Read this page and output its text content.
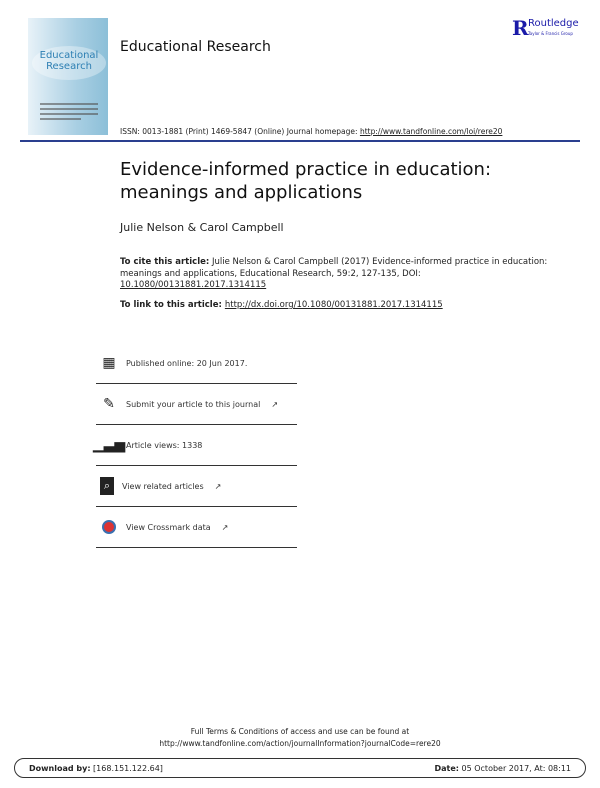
Educational Research
Educational Research
R Routledge
Taylor & Francis Group
ISSN: 0013-1881 (Print) 1469-5847 (Online) Journal homepage: http://www.tandfonline.com/loi/rere20
Evidence-informed practice in education: meanings and applications
Julie Nelson & Carol Campbell
To cite this article: Julie Nelson & Carol Campbell (2017) Evidence-informed practice in education: meanings and applications, Educational Research, 59:2, 127-135, DOI: 10.1080/00131881.2017.1314115
To link to this article: http://dx.doi.org/10.1080/00131881.2017.1314115
▦ Published online: 20 Jun 2017.
✎	Submit your article to this journal ↗
▁▃▅ Article views: 1338
⌕	View related articles ↗
View Crossmark data ↗
Full Terms & Conditions of access and use can be found at
http://www.tandfonline.com/action/journalInformation?journalCode=rere20
Download by: [168.151.122.64]	Date: 05 October 2017, At: 08:11
